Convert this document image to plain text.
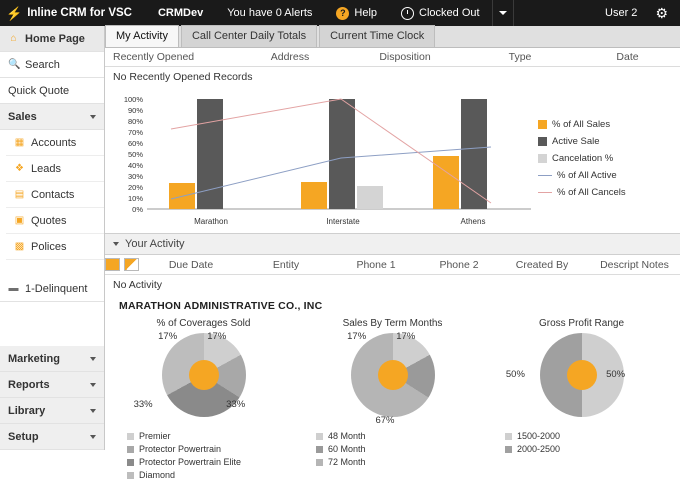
⚡ Inline CRM for VSC	CRMDev	You have 0 Alerts	? Help	Clocked Out	User 2	⚙
⌂ Home Page
🔍 Search
Quick Quote
Sales
▦ Accounts
❖ Leads
▤ Contacts
▣ Quotes
▩ Polices
▬ 1-Delinquent
Marketing
Reports
Library
Setup
My Activity	Call Center Daily Totals	Current Time Clock
Recently Opened	Address	Disposition	Type	Date
No Recently Opened Records
100%
90%
80%
70%
60%
50%
40%
30%
20%
10%
0%
Marathon	Interstate	Athens
% of All Sales
Active Sale
Cancelation %
% of All Active
% of All Cancels
Your Activity
Due Date	Entity	Phone 1	Phone 2	Created By	Descript Notes
No Activity
MARATHON ADMINISTRATIVE CO., INC
% of Coverages Sold
17%
17%
33%
33%
Premier
Protector Powertrain
Protector Powertrain Elite
Diamond
Sales By Term Months
17%
17%
67%
48 Month
60 Month
72 Month
Gross Profit Range
50%
50%
1500-2000
2000-2500
